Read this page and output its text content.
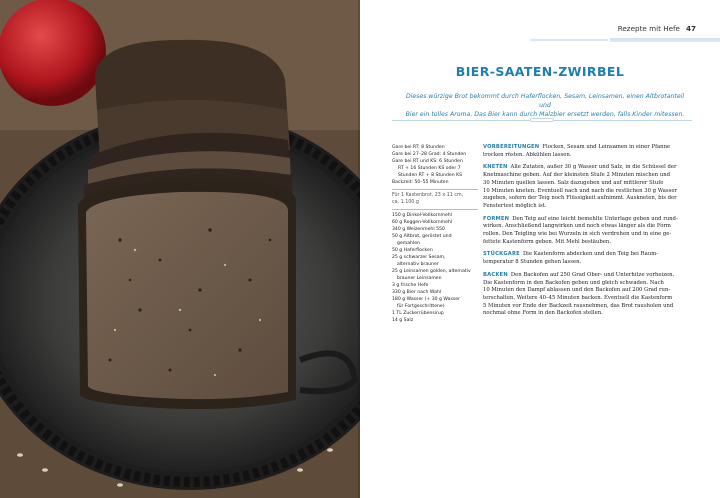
Rezepte mit Hefe 47
BIER-SAATEN-ZWIRBEL
Dieses würzige Brot bekommt durch Haferflocken, Sesam, Leinsamen, einen Altbrotanteil und
Bier ein tolles Aroma. Das Bier kann durch Malzbier ersetzt werden, falls Kinder mitessen.
Gare bei RT: 8 Stunden
Gare bei 27–28 Grad: 4 Stunden
Gare bei RT und KS: 6 Stunden
RT + 16 Stunden KS oder 7
Stunden RT + 8 Stunden KS
Backzeit: 50–55 Minuten
Für 1 Kastenbrot, 23 x 11 cm,
ca. 1.100 g
150 g Dinkel-Vollkornmehl
60 g Roggen-Vollkornmehl
340 g Weizenmehl 550
50 g Altbrot, geröstet und
gemahlen
50 g Haferflocken
25 g schwarzer Sesam,
alternativ brauner
25 g Leinsamen golden, alternativ
brauner Leinsamen
3 g frische Hefe
330 g Bier nach Wahl
180 g Wasser (+ 30 g Wasser
für Fortgeschrittene)
1 TL Zuckerrübensirup
14 g Salz
VORBEREITUNGEN Flocken, Sesam und Leinsamen in einer Pfanne
trocken rösten. Abkühlen lassen.
KNETEN Alle Zutaten, außer 30 g Wasser und Salz, in die Schüssel der
Knetmaschine geben. Auf der kleinsten Stufe 2 Minuten mischen und
30 Minuten quellen lassen. Salz dazugeben und auf mittlerer Stufe
10 Minuten kneten. Eventuell nach und nach die restlichen 30 g Wasser
zugeben, sofern der Teig noch Flüssigkeit aufnimmt. Auskneten, bis der
Fenstertest möglich ist.
FORMEN Den Teig auf eine leicht bemehlte Unterlage geben und rund-
wirken. Anschließend langwirken und noch etwas länger als die Form
rollen. Den Teigling wie bei Wurzeln in sich verdrehen und in eine ge-
fettete Kastenform geben. Mit Mehl bestäuben.
STÜCKGARE Die Kastenform abdecken und den Teig bei Raum-
temperatur 8 Stunden gehen lassen.
BACKEN Den Backofen auf 250 Grad Ober- und Unterhitze vorheizen.
Die Kastenform in den Backofen geben und gleich schwaden. Nach
10 Minuten den Dampf ablassen und den Backofen auf 200 Grad run-
terschalten. Weitere 40–45 Minuten backen. Eventuell die Kastenform
5 Minuten vor Ende der Backzeit rausnehmen, das Brot rausholen und
nochmal ohne Form in den Backofen stellen.
